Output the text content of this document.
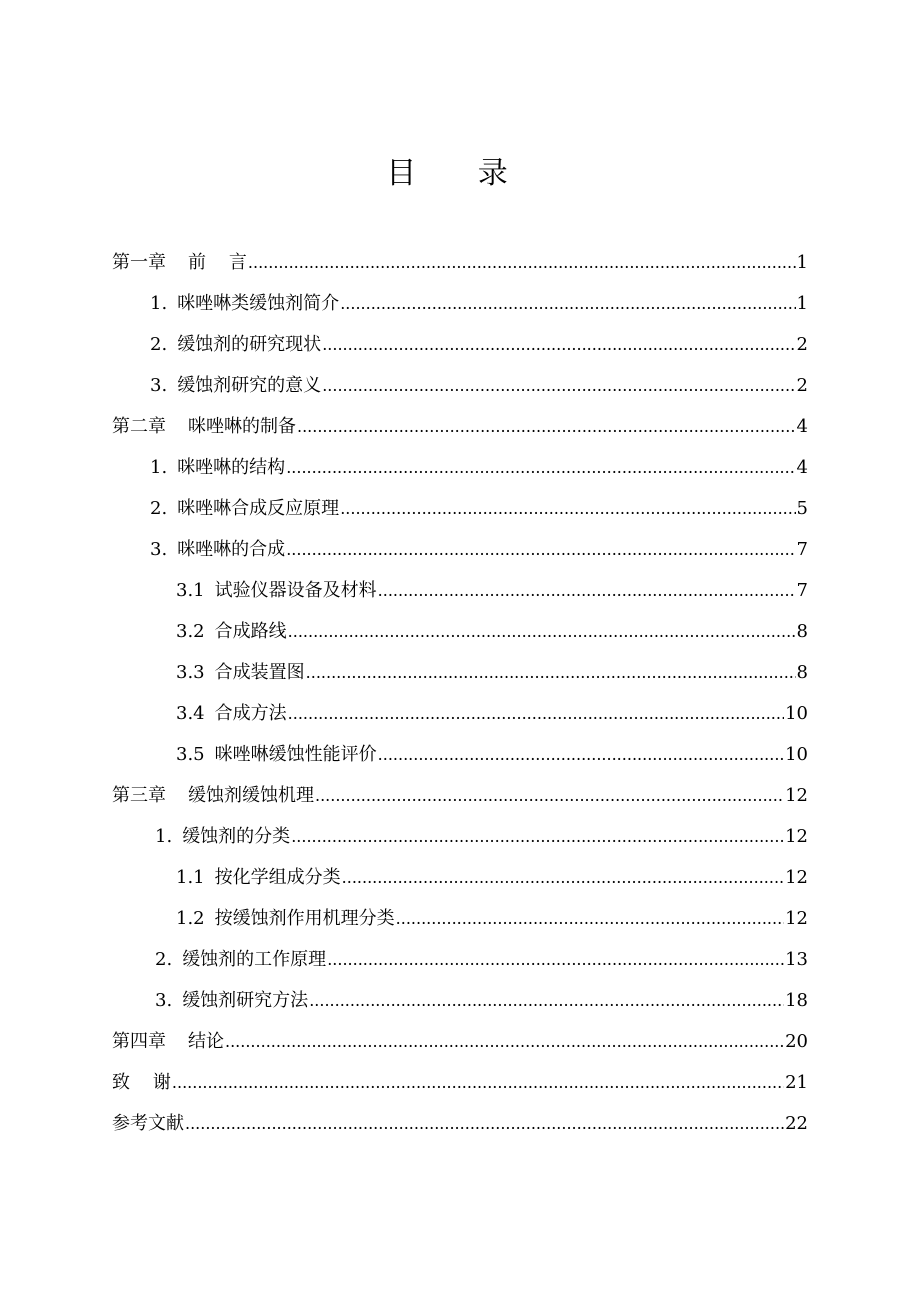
目 录
第一章 前    言 .....	1
1. 咪唑啉类缓蚀剂简介 .....	1
2. 缓蚀剂的研究现状 .....	2
3. 缓蚀剂研究的意义 .....	2
第二章 咪唑啉的制备 .....	4
1. 咪唑啉的结构 .....	4
2. 咪唑啉合成反应原理 .....	5
3. 咪唑啉的合成 .....	7
3.1 试验仪器设备及材料 .....	7
3.2 合成路线 .....	8
3.3 合成装置图 .....	8
3.4 合成方法 .....	10
3.5 咪唑啉缓蚀性能评价 .....	10
第三章 缓蚀剂缓蚀机理 .....	12
1. 缓蚀剂的分类 .....	12
1.1 按化学组成分类 .....	12
1.2 按缓蚀剂作用机理分类 .....	12
2. 缓蚀剂的工作原理 .....	13
3. 缓蚀剂研究方法 .....	18
第四章 结论 .....	20
致    谢 .....	21
参考文献 .....	22
